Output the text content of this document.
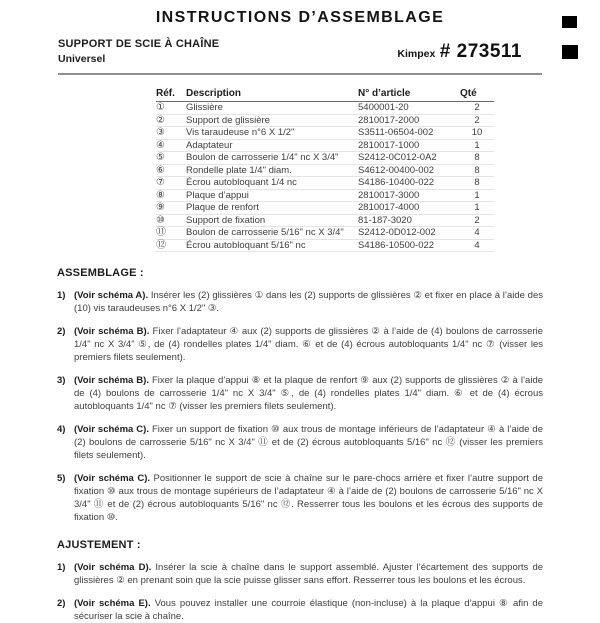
INSTRUCTIONS D’ASSEMBLAGE
SUPPORT DE SCIE À CHAÎNE
Universel	Kimpex # 273511
Réf.	Description	N° d’article	Qté
①	Glissière	5400001-20	2
②	Support de glissière	2810017-2000	2
③	Vis taraudeuse n°6 X 1/2"	S3511-06504-002	10
④	Adaptateur	2810017-1000	1
⑤	Boulon de carrosserie 1/4" nc X 3/4"	S2412-0C012-0A2	8
⑥	Rondelle plate 1/4" diam.	S4612-00400-002	8
⑦	Écrou autobloquant 1/4 nc	S4186-10400-022	8
⑧	Plaque d’appui	2810017-3000	1
⑨	Plaque de renfort	2810017-4000	1
⑩	Support de fixation	81-187-3020	2
⑪	Boulon de carrosserie 5/16" nc X 3/4"	S2412-0D012-002	4
⑫	Écrou autobloquant 5/16" nc	S4186-10500-022	4
ASSEMBLAGE :
1) (Voir schéma A). Insérer les (2) glissières ① dans les (2) supports de glissières ② et fixer en place à l’aide des (10) vis taraudeuses n°6 X 1/2" ③.

2) (Voir schéma B). Fixer l’adaptateur ④ aux (2) supports de glissières ② à l’aide de (4) boulons de carrosserie 1/4" nc X 3/4" ⑤, de (4) rondelles plates 1/4" diam. ⑥ et de (4) écrous autobloquants 1/4" nc ⑦ (visser les premiers filets seulement).

3) (Voir schéma B). Fixer la plaque d’appui ⑧ et la plaque de renfort ⑨ aux (2) supports de glissières ② à l’aide de (4) boulons de carrosserie 1/4" nc X 3/4" ⑤, de (4) rondelles plates 1/4" diam. ⑥ et de (4) écrous autobloquants 1/4" nc ⑦ (visser les premiers filets seulement).

4) (Voir schéma C). Fixer un support de fixation ⑩ aux trous de montage inférieurs de l’adaptateur ④ à l’aide de (2) boulons de carrosserie 5/16" nc X 3/4" ⑪ et de (2) écrous autobloquants 5/16" nc ⑫ (visser les premiers filets seulement).

5) (Voir schéma C). Positionner le support de scie à chaîne sur le pare-chocs arrière et fixer l’autre support de fixation ⑩ aux trous de montage supérieurs de l’adaptateur ④ à l’aide de (2) boulons de carrosserie 5/16" nc X 3/4" ⑪ et de (2) écrous autobloquants 5/16" nc ⑫. Resserrer tous les boulons et les écrous des supports de fixation ⑩.

AJUSTEMENT :
1) (Voir schéma D). Insérer la scie à chaîne dans le support assemblé. Ajuster l’écartement des supports de glissières ② en prenant soin que la scie puisse glisser sans effort. Resserrer tous les boulons et les écrous.

2) (Voir schéma E). Vous pouvez installer une courroie élastique (non-incluse) à la plaque d’appui ⑧ afin de sécuriser la scie à chaîne.
